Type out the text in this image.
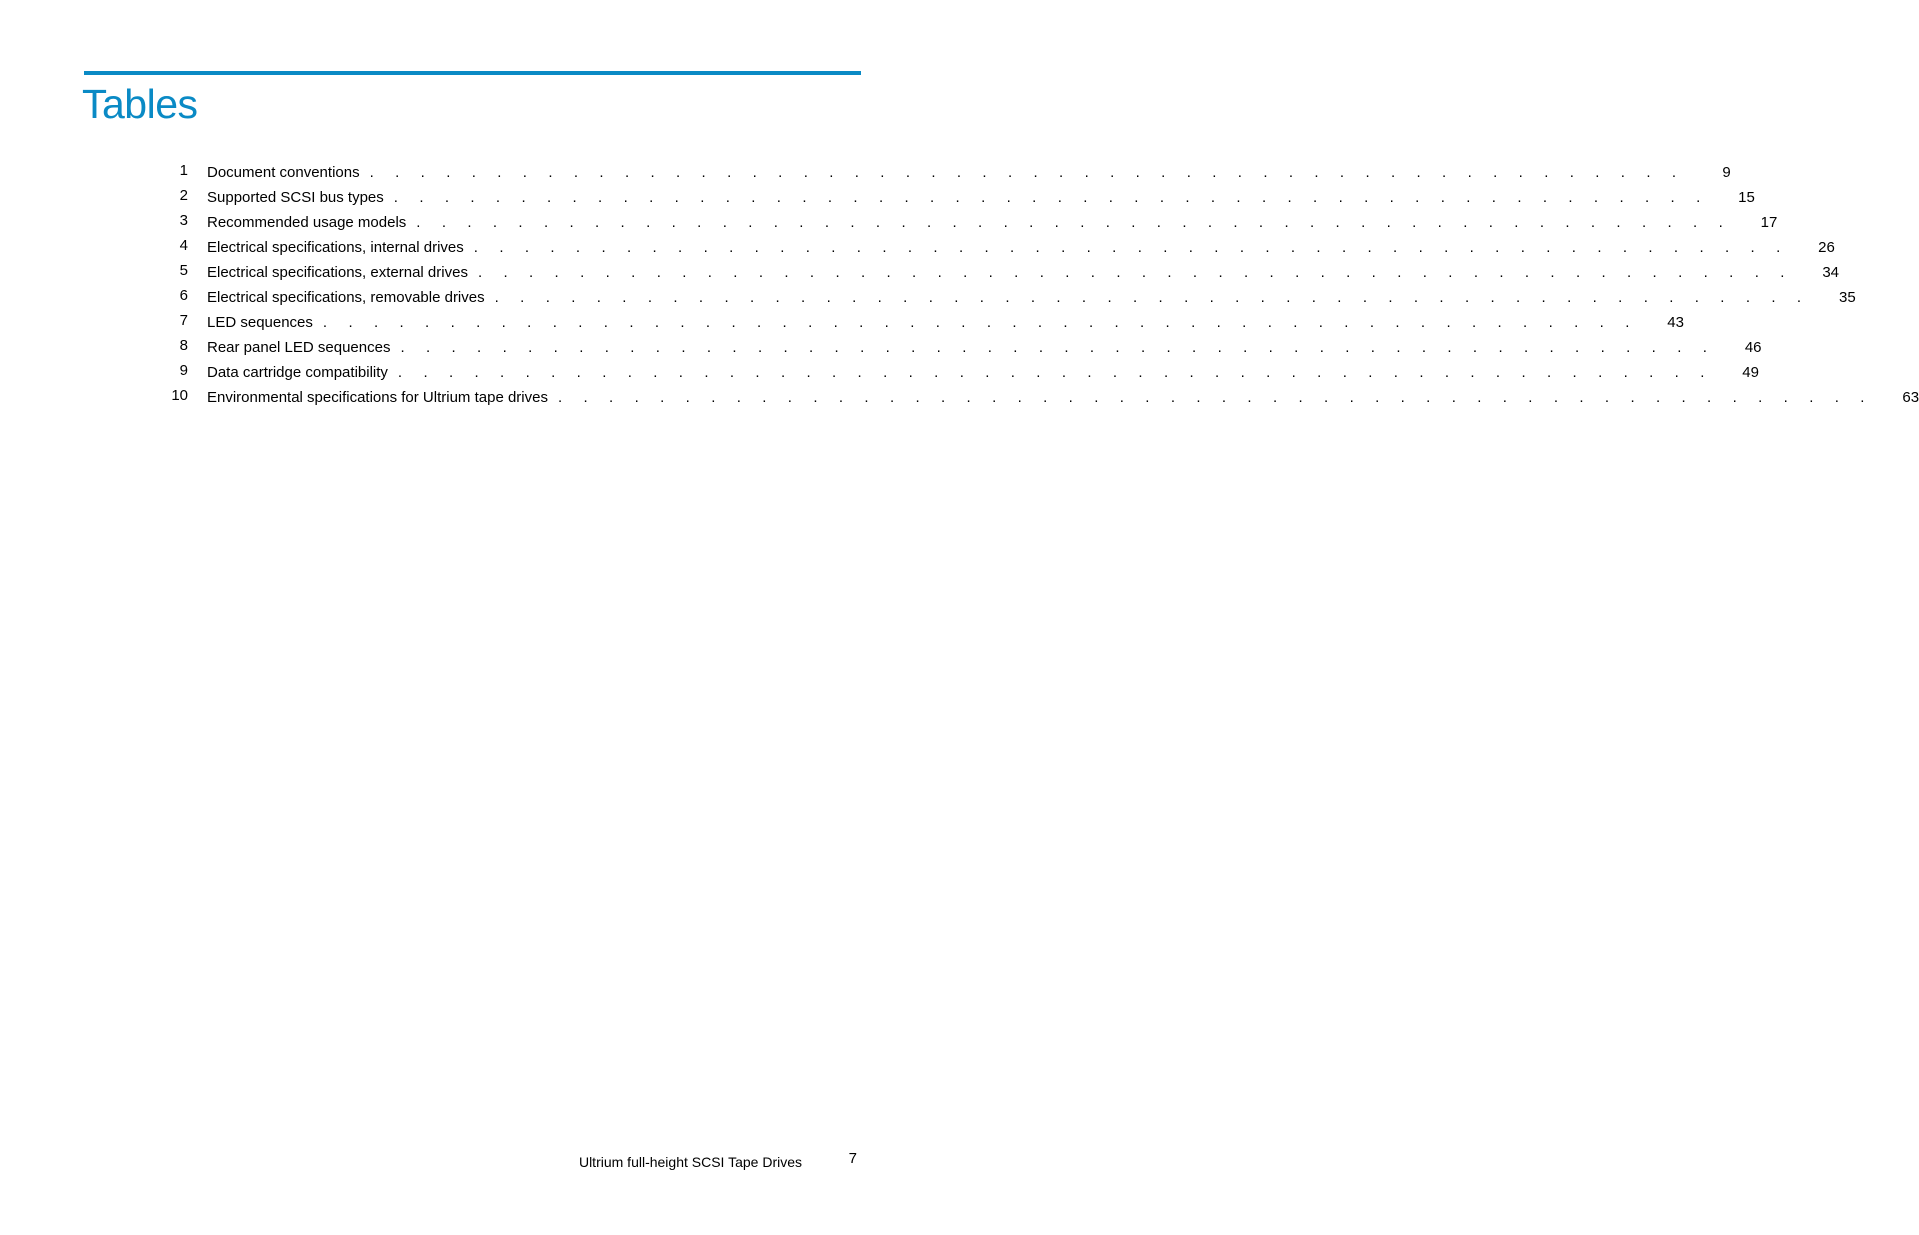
Tables
1 Document conventions . . . . . . . . . . . . . . . . . . . . . . . . . . . . . . . . . . . . . . . . . . . . . . . . . . . .	9
2 Supported SCSI bus types . . . . . . . . . . . . . . . . . . . . . . . . . . . . . . . . . . . . . . . . . . . . . . . . . . . .	15
3 Recommended usage models . . . . . . . . . . . . . . . . . . . . . . . . . . . . . . . . . . . . . . . . . . . . . . . . . . . .	17
4 Electrical specifications, internal drives . . . . . . . . . . . . . . . . . . . . . . . . . . . . . . . . . . . . . . . . . . . . . . . . . . . .	26
5 Electrical specifications, external drives . . . . . . . . . . . . . . . . . . . . . . . . . . . . . . . . . . . . . . . . . . . . . . . . . . . .	34
6 Electrical specifications, removable drives . . . . . . . . . . . . . . . . . . . . . . . . . . . . . . . . . . . . . . . . . . . . . . . . . . . .	35
7 LED sequences . . . . . . . . . . . . . . . . . . . . . . . . . . . . . . . . . . . . . . . . . . . . . . . . . . . .	43
8 Rear panel LED sequences . . . . . . . . . . . . . . . . . . . . . . . . . . . . . . . . . . . . . . . . . . . . . . . . . . . .	46
9 Data cartridge compatibility . . . . . . . . . . . . . . . . . . . . . . . . . . . . . . . . . . . . . . . . . . . . . . . . . . . .	49
10 Environmental specifications for Ultrium tape drives . . . . . . . . . . . . . . . . . . . . . . . . . . . . . . . . . . . . . . . . . . . . . . . . . . . .	63
Ultrium full-height SCSI Tape Drives	7
